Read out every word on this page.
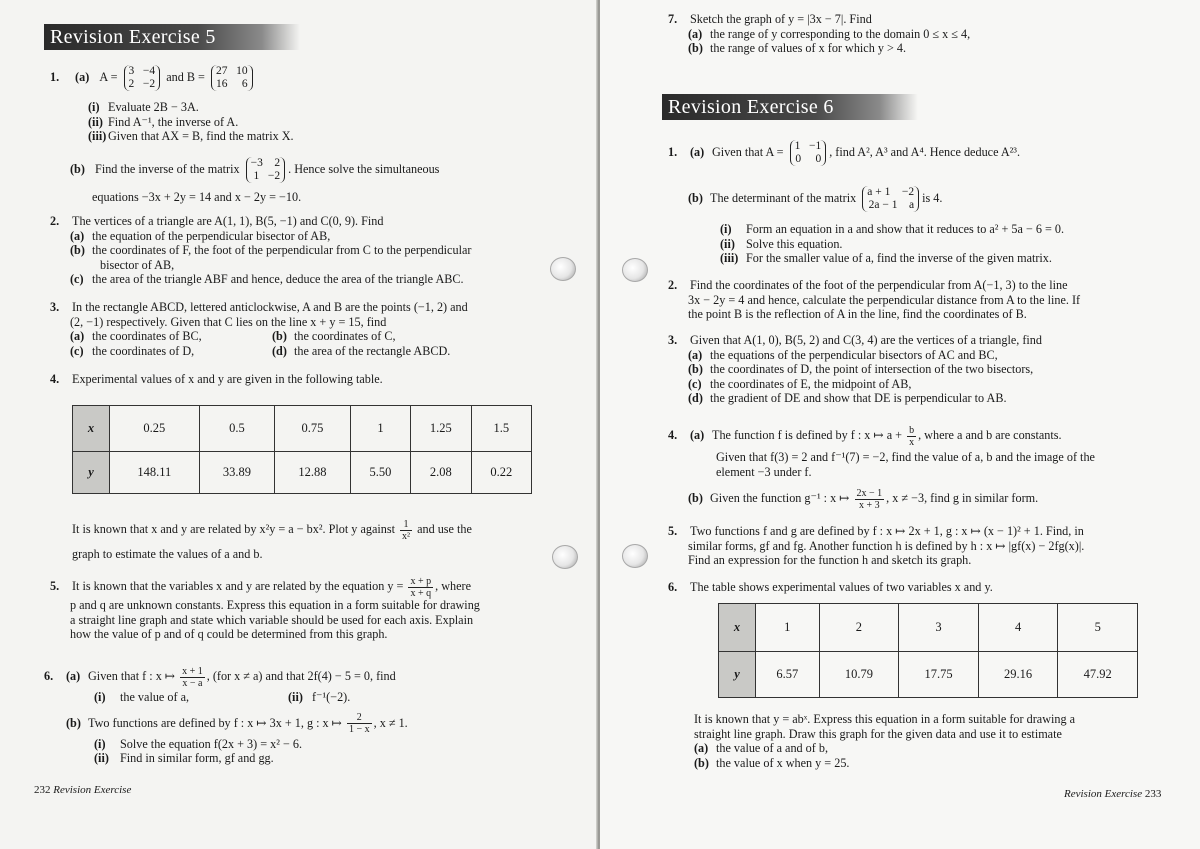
Revision Exercise 5
1. (a) A = 3   −4
2   −2
and B = 27   10
16     6
(i) Evaluate 2B − 3A.
(ii) Find A⁻¹, the inverse of A.
(iii) Given that AX = B, find the matrix X.
(b) Find the inverse of the matrix −3    2
1   −2
. Hence solve the simultaneous
equations −3x + 2y = 14 and x − 2y = −10.
2. The vertices of a triangle are A(1, 1), B(5, −1) and C(0, 9). Find
(a) the equation of the perpendicular bisector of AB,
(b) the coordinates of F, the foot of the perpendicular from C to the perpendicular
bisector of AB,
(c) the area of the triangle ABF and hence, deduce the area of the triangle ABC.
3. In the rectangle ABCD, lettered anticlockwise, A and B are the points (−1, 2) and
(2, −1) respectively. Given that C lies on the line x + y = 15, find
(a) the coordinates of BC,	(b) the coordinates of C,
(c) the coordinates of D,	(d) the area of the rectangle ABCD.
4. Experimental values of x and y are given in the following table.
x	0.25	0.5	0.75	1	1.25	1.5
y	148.11	33.89	12.88	5.50	2.08	0.22
It is known that x and y are related by x²y = a − bx². Plot y against $\frac{1}{\text{x²}}$ and use the
graph to estimate the values of a and b.
5. It is known that the variables x and y are related by the equation $y = \frac{x + p}{x + q}$ , where
p and q are unknown constants. Express this equation in a form suitable for drawing
a straight line graph and state which variable should be used for each axis. Explain
how the value of p and of q could be determined from this graph.
6. (a) Given that f : x ↦ $\frac{x + 1}{x - a}$ , (for x ≠ a) and that 2f(4) − 5 = 0, find
(i) the value of a,	(ii) f⁻¹(−2).
(b) Two functions are defined by f : x ↦ 3x + 1, g : x ↦ $\frac{2}{1 - x}$ , x ≠ 1.
(i) Solve the equation f(2x + 3) = x² − 6.
(ii) Find in similar form, gf and gg.
232 Revision Exercise
7. Sketch the graph of y = |3x − 7|. Find
(a) the range of y corresponding to the domain 0 ≤ x ≤ 4,
(b) the range of values of x for which y > 4.
Revision Exercise 6
1. (a) Given that A = 1   −1
0     0
, find A², A³ and A⁴. Hence deduce A²³.
(b) The determinant of the matrix a + 1    −2
2a − 1    a
is 4.
(i) Form an equation in a and show that it reduces to a² + 5a − 6 = 0.
(ii) Solve this equation.
(iii) For the smaller value of a, find the inverse of the given matrix.
2. Find the coordinates of the foot of the perpendicular from A(−1, 3) to the line
3x − 2y = 4 and hence, calculate the perpendicular distance from A to the line. If
the point B is the reflection of A in the line, find the coordinates of B.
3. Given that A(1, 0), B(5, 2) and C(3, 4) are the vertices of a triangle, find
(a) the equations of the perpendicular bisectors of AC and BC,
(b) the coordinates of D, the point of intersection of the two bisectors,
(c) the coordinates of E, the midpoint of AB,
(d) the gradient of DE and show that DE is perpendicular to AB.
4. (a) The function f is defined by f : x ↦ $a + \frac{b}{x}$ , where a and b are constants.
Given that f(3) = 2 and f⁻¹(7) = −2, find the value of a, b and the image of the
element −3 under f.
(b) Given the function g⁻¹ : x ↦ $\frac{2x - 1}{x + 3}$ , x ≠ −3, find g in similar form.
5. Two functions f and g are defined by f : x ↦ 2x + 1, g : x ↦ (x − 1)² + 1. Find, in
similar forms, gf and fg. Another function h is defined by h : x ↦ |gf(x) − 2fg(x)|.
Find an expression for the function h and sketch its graph.
6. The table shows experimental values of two variables x and y.
x	1	2	3	4	5
y	6.57	10.79	17.75	29.16	47.92
It is known that y = abˣ. Express this equation in a form suitable for drawing a
straight line graph. Draw this graph for the given data and use it to estimate
(a) the value of a and of b,
(b) the value of x when y = 25.
Revision Exercise 233
